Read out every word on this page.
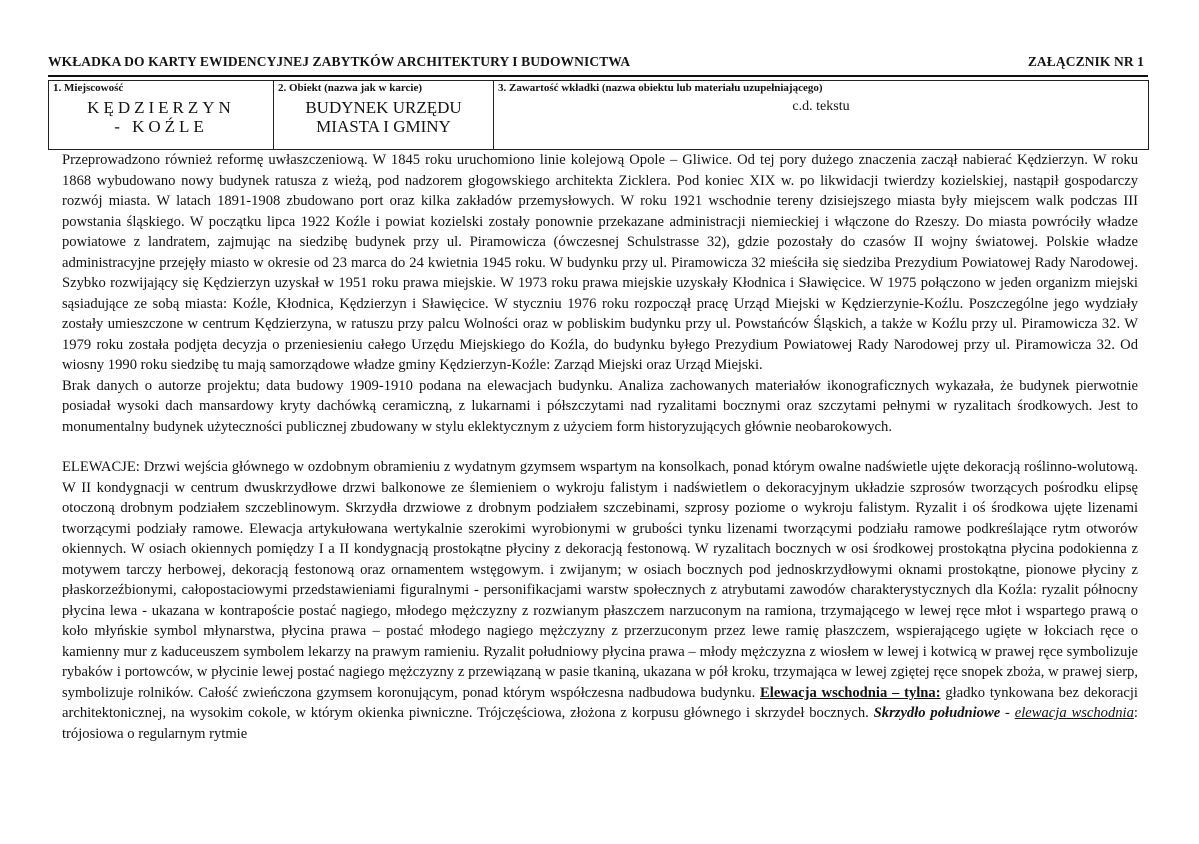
WKŁADKA DO KARTY EWIDENCYJNEJ ZABYTKÓW ARCHITEKTURY I BUDOWNICTWA	ZAŁĄCZNIK NR 1
1. Miejscowość
KĘDZIERZYN
- KOŹLE

2. Obiekt (nazwa jak w karcie)
BUDYNEK URZĘDU
MIASTA I GMINY

3. Zawartość wkładki (nazwa obiektu lub materiału uzupełniającego)
c.d. tekstu

Przeprowadzono również reformę uwłaszczeniową. W 1845 roku uruchomiono linie kolejową Opole – Gliwice. Od tej pory dużego znaczenia zaczął nabierać Kędzierzyn. W roku 1868 wybudowano nowy budynek ratusza z wieżą, pod nadzorem głogowskiego architekta Zicklera. Pod koniec XIX w. po likwidacji twierdzy kozielskiej, nastąpił gospodarczy rozwój miasta. W latach 1891-1908 zbudowano port oraz kilka zakładów przemysłowych. W roku 1921 wschodnie tereny dzisiejszego miasta były miejscem walk podczas III powstania śląskiego. W początku lipca 1922 Koźle i powiat kozielski zostały ponownie przekazane administracji niemieckiej i włączone do Rzeszy. Do miasta powróciły władze powiatowe z landratem, zajmując na siedzibę budynek przy ul. Piramowicza (ówczesnej Schulstrasse 32), gdzie pozostały do czasów II wojny światowej. Polskie władze administracyjne przejęły miasto w okresie od 23 marca do 24 kwietnia 1945 roku. W budynku przy ul. Piramowicza 32 mieściła się siedziba Prezydium Powiatowej Rady Narodowej. Szybko rozwijający się Kędzierzyn uzyskał w 1951 roku prawa miejskie. W 1973 roku prawa miejskie uzyskały Kłodnica i Sławięcice. W 1975 połączono w jeden organizm miejski sąsiadujące ze sobą miasta: Koźle, Kłodnica, Kędzierzyn i Sławięcice. W styczniu 1976 roku rozpoczął pracę Urząd Miejski w Kędzierzynie-Koźlu. Poszczególne jego wydziały zostały umieszczone w centrum Kędzierzyna, w ratuszu przy palcu Wolności oraz w pobliskim budynku przy ul. Powstańców Śląskich, a także w Koźlu przy ul. Piramowicza 32. W 1979 roku została podjęta decyzja o przeniesieniu całego Urzędu Miejskiego do Koźla, do budynku byłego Prezydium Powiatowej Rady Narodowej przy ul. Piramowicza 32. Od wiosny 1990 roku siedzibę tu mają samorządowe władze gminy Kędzierzyn-Koźle: Zarząd Miejski oraz Urząd Miejski.

Brak danych o autorze projektu; data budowy 1909-1910 podana na elewacjach budynku. Analiza zachowanych materiałów ikonograficznych wykazała, że budynek pierwotnie posiadał wysoki dach mansardowy kryty dachówką ceramiczną, z lukarnami i półszczytami nad ryzalitami bocznymi oraz szczytami pełnymi w ryzalitach środkowych. Jest to monumentalny budynek użyteczności publicznej zbudowany w stylu eklektycznym z użyciem form historyzujących głównie neobarokowych.

ELEWACJE: Drzwi wejścia głównego w ozdobnym obramieniu z wydatnym gzymsem wspartym na konsolkach, ponad którym owalne nadświetle ujęte dekoracją roślinno-wolutową. W II kondygnacji w centrum dwuskrzydłowe drzwi balkonowe ze ślemieniem o wykroju falistym i nadświetlem o dekoracyjnym układzie szprosów tworzących pośrodku elipsę otoczoną drobnym podziałem szczeblinowym. Skrzydła drzwiowe z drobnym podziałem szczebinami, szprosy poziome o wykroju falistym. Ryzalit i oś środkowa ujęte lizenami tworzącymi podziały ramowe. Elewacja artykułowana wertykalnie szerokimi wyrobionymi w grubości tynku lizenami tworzącymi podziału ramowe podkreślające rytm otworów okiennych. W osiach okiennych pomiędzy I a II kondygnacją prostokątne płyciny z dekoracją festonową. W ryzalitach bocznych w osi środkowej prostokątna płycina podokienna z motywem tarczy herbowej, dekoracją festonową oraz ornamentem wstęgowym. i zwijanym; w osiach bocznych pod jednoskrzydłowymi oknami prostokątne, pionowe płyciny z płaskorzeźbionymi, całopostaciowymi przedstawieniami figuralnymi - personifikacjami warstw społecznych z atrybutami zawodów charakterystycznych dla Koźla: ryzalit północny płycina lewa - ukazana w kontrapoście postać nagiego, młodego mężczyzny z rozwianym płaszczem narzuconym na ramiona, trzymającego w lewej ręce młot i wspartego prawą o koło młyńskie symbol młynarstwa, płycina prawa – postać młodego nagiego mężczyzny z przerzuconym przez lewe ramię płaszczem, wspierającego ugięte w łokciach ręce o kamienny mur z kaduceuszem symbolem lekarzy na prawym ramieniu. Ryzalit południowy płycina prawa – młody mężczyzna z wiosłem w lewej i kotwicą w prawej ręce symbolizuje rybaków i portowców, w płycinie lewej postać nagiego mężczyzny z przewiązaną w pasie tkaniną, ukazana w pół kroku, trzymająca w lewej zgiętej ręce snopek zboża, w prawej sierp, symbolizuje rolników. Całość zwieńczona gzymsem koronującym, ponad którym współczesna nadbudowa budynku. Elewacja wschodnia – tylna: gładko tynkowana bez dekoracji architektonicznej, na wysokim cokole, w którym okienka piwniczne. Trójczęściowa, złożona z korpusu głównego i skrzydeł bocznych. Skrzydło południowe - elewacja wschodnia: trójosiowa o regularnym rytmie
